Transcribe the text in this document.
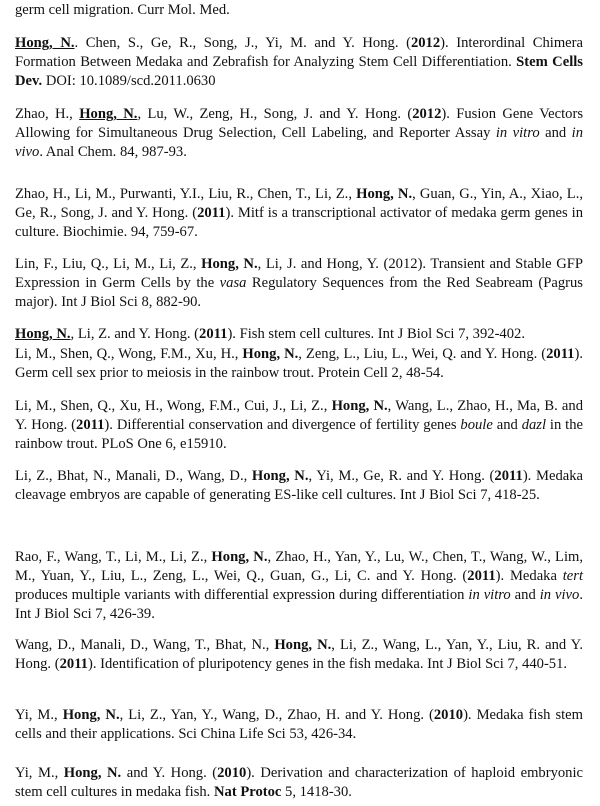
germ cell migration. Curr Mol. Med.

Hong, N.. Chen, S., Ge, R., Song, J., Yi, M. and Y. Hong. (2012). Interordinal Chimera Formation Between Medaka and Zebrafish for Analyzing Stem Cell Differentiation. Stem Cells Dev. DOI: 10.1089/scd.2011.0630

Zhao, H., Hong, N., Lu, W., Zeng, H., Song, J. and Y. Hong. (2012). Fusion Gene Vectors Allowing for Simultaneous Drug Selection, Cell Labeling, and Reporter Assay in vitro and in vivo. Anal Chem. 84, 987-93.

Zhao, H., Li, M., Purwanti, Y.I., Liu, R., Chen, T., Li, Z., Hong, N., Guan, G., Yin, A., Xiao, L., Ge, R., Song, J. and Y. Hong. (2011). Mitf is a transcriptional activator of medaka germ genes in culture. Biochimie. 94, 759-67.

Lin, F., Liu, Q., Li, M., Li, Z., Hong, N., Li, J. and Hong, Y. (2012). Transient and Stable GFP Expression in Germ Cells by the vasa Regulatory Sequences from the Red Seabream (Pagrus major). Int J Biol Sci 8, 882-90.

Hong, N., Li, Z. and Y. Hong. (2011). Fish stem cell cultures. Int J Biol Sci 7, 392-402.

Li, M., Shen, Q., Wong, F.M., Xu, H., Hong, N., Zeng, L., Liu, L., Wei, Q. and Y. Hong. (2011). Germ cell sex prior to meiosis in the rainbow trout. Protein Cell 2, 48-54.

Li, M., Shen, Q., Xu, H., Wong, F.M., Cui, J., Li, Z., Hong, N., Wang, L., Zhao, H., Ma, B. and Y. Hong. (2011). Differential conservation and divergence of fertility genes boule and dazl in the rainbow trout. PLoS One 6, e15910.

Li, Z., Bhat, N., Manali, D., Wang, D., Hong, N., Yi, M., Ge, R. and Y. Hong. (2011). Medaka cleavage embryos are capable of generating ES-like cell cultures. Int J Biol Sci 7, 418-25.

Rao, F., Wang, T., Li, M., Li, Z., Hong, N., Zhao, H., Yan, Y., Lu, W., Chen, T., Wang, W., Lim, M., Yuan, Y., Liu, L., Zeng, L., Wei, Q., Guan, G., Li, C. and Y. Hong. (2011). Medaka tert produces multiple variants with differential expression during differentiation in vitro and in vivo. Int J Biol Sci 7, 426-39.

Wang, D., Manali, D., Wang, T., Bhat, N., Hong, N., Li, Z., Wang, L., Yan, Y., Liu, R. and Y. Hong. (2011). Identification of pluripotency genes in the fish medaka. Int J Biol Sci 7, 440-51.

Yi, M., Hong, N., Li, Z., Yan, Y., Wang, D., Zhao, H. and Y. Hong. (2010). Medaka fish stem cells and their applications. Sci China Life Sci 53, 426-34.

Yi, M., Hong, N. and Y. Hong. (2010). Derivation and characterization of haploid embryonic stem cell cultures in medaka fish. Nat Protoc 5, 1418-30.
